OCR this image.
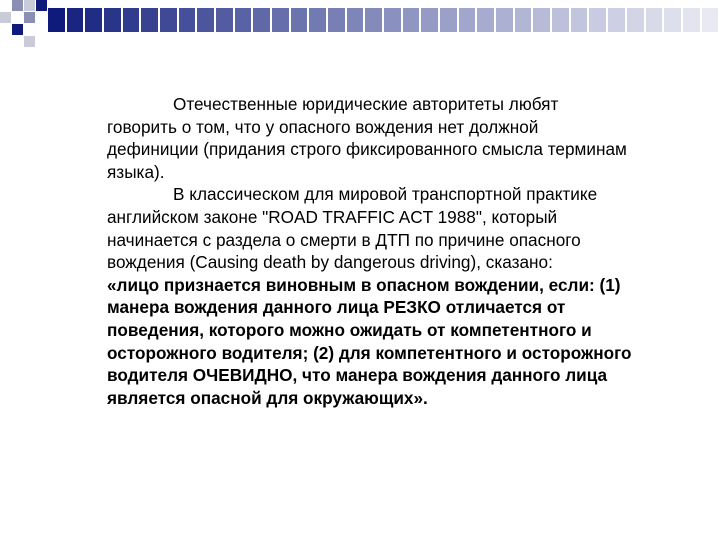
Отечественные юридические авторитеты любят говорить о том, что у опасного вождения нет должной дефиниции (придания строго фиксированного смысла терминам языка).

В классическом для мировой транспортной практике английском законе "ROAD TRAFFIC ACT 1988", который начинается с раздела о смерти в ДТП по причине опасного вождения (Causing death by dangerous driving), сказано:

«лицо признается виновным в опасном вождении, если: (1) манера вождения данного лица РЕЗКО отличается от поведения, которого можно ожидать от компетентного и осторожного водителя; (2) для компетентного и осторожного водителя ОЧЕВИДНО, что манера вождения данного лица является опасной для окружающих».
